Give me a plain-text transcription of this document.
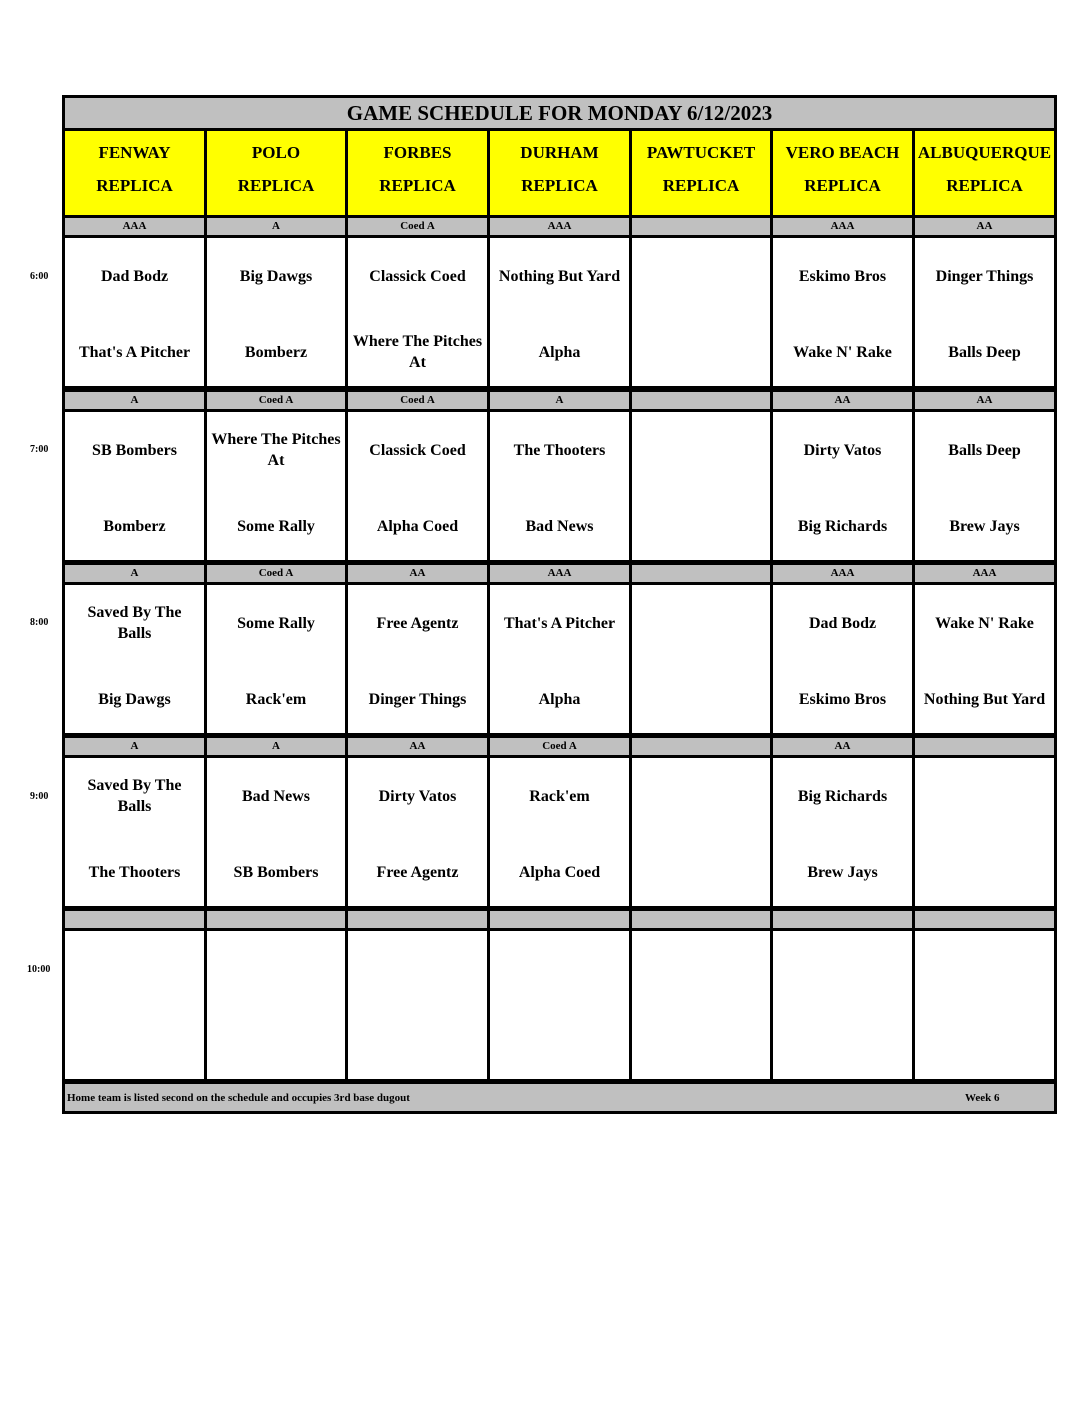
GAME SCHEDULE FOR MONDAY 6/12/2023
FENWAY
REPLICA
POLO
REPLICA
FORBES
REPLICA
DURHAM
REPLICA
PAWTUCKET
REPLICA
VERO BEACH
REPLICA
ALBUQUERQUE
REPLICA
AAA
Dad Bodz
That's A Pitcher
A
Big Dawgs
Bomberz
Coed A
Classick Coed
Where The Pitches At
AAA
Nothing But Yard
Alpha
AAA
Eskimo Bros
Wake N' Rake
AA
Dinger Things
Balls Deep
A
SB Bombers
Bomberz
Coed A
Where The Pitches At
Some Rally
Coed A
Classick Coed
Alpha Coed
A
The Thooters
Bad News
AA
Dirty Vatos
Big Richards
AA
Balls Deep
Brew Jays
A
Saved By The Balls
Big Dawgs
Coed A
Some Rally
Rack'em
AA
Free Agentz
Dinger Things
AAA
That's A Pitcher
Alpha
AAA
Dad Bodz
Eskimo Bros
AAA
Wake N' Rake
Nothing But Yard
A
Saved By The Balls
The Thooters
A
Bad News
SB Bombers
AA
Dirty Vatos
Free Agentz
Coed A
Rack'em
Alpha Coed
AA
Big Richards
Brew Jays
Home team is listed second on the schedule and occupies 3rd base dugout	Week 6
6:00
7:00
8:00
9:00
10:00
